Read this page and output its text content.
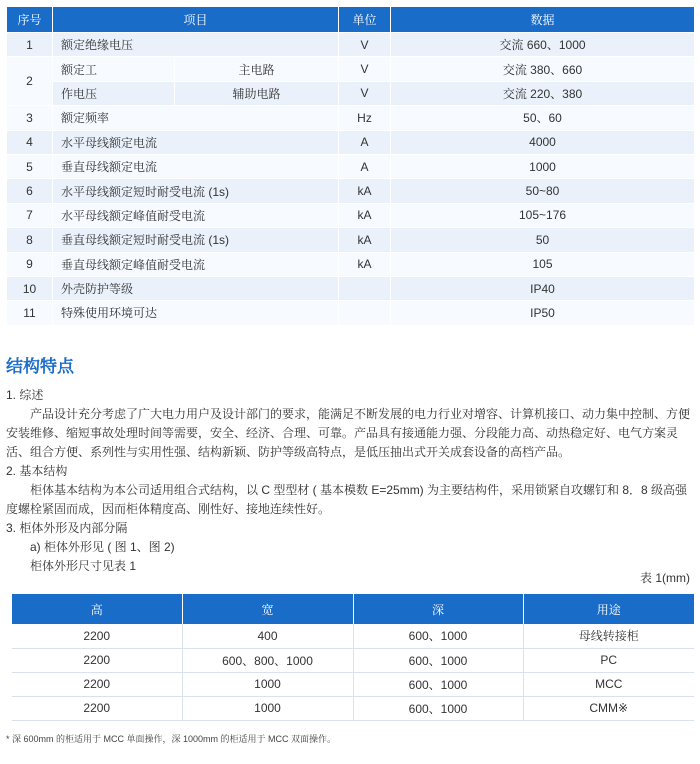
序号	项目		单位	数据
1	额定绝缘电压		V	交流 660、1000
2	额定工	主电路	V	交流 380、660
	作电压	辅助电路	V	交流 220、380
3	额定频率		Hz	50、60
4	水平母线额定电流		A	4000
5	垂直母线额定电流		A	1000
6	水平母线额定短时耐受电流 (1s)		kA	50~80
7	水平母线额定峰值耐受电流		kA	105~176
8	垂直母线额定短时耐受电流 (1s)		kA	50
9	垂直母线额定峰值耐受电流		kA	105
10	外壳防护等级			IP40
11	特殊使用环境可达			IP50
结构特点

1. 综述

产品设计充分考虑了广大电力用户及设计部门的要求，能满足不断发展的电力行业对增容、计算机接口、动力集中控制、方便安装维修、缩短事故处理时间等需要，安全、经济、合理、可靠。产品具有接通能力强、分段能力高、动热稳定好、电气方案灵活、组合方便、系列性与实用性强、结构新颖、防护等级高特点，是低压抽出式开关成套设备的高档产品。

2. 基本结构

柜体基本结构为本公司适用组合式结构，以 C 型型材 ( 基本模数 E=25mm) 为主要结构件，采用锁紧自攻螺钉和 8．8 级高强度螺栓紧固而成，因而柜体精度高、刚性好、接地连续性好。

3. 柜体外形及内部分隔

a) 柜体外形见 ( 图 1、图 2)

柜体外形尺寸见表 1

表 1(mm)
高	宽	深	用途
2200	400	600、1000	母线转接柜
2200	600、800、1000	600、1000	PC
2200	1000	600、1000	MCC
2200	1000	600、1000	CMM※
* 深 600mm 的柜适用于 MCC 单面操作，深 1000mm 的柜适用于 MCC 双面操作。
